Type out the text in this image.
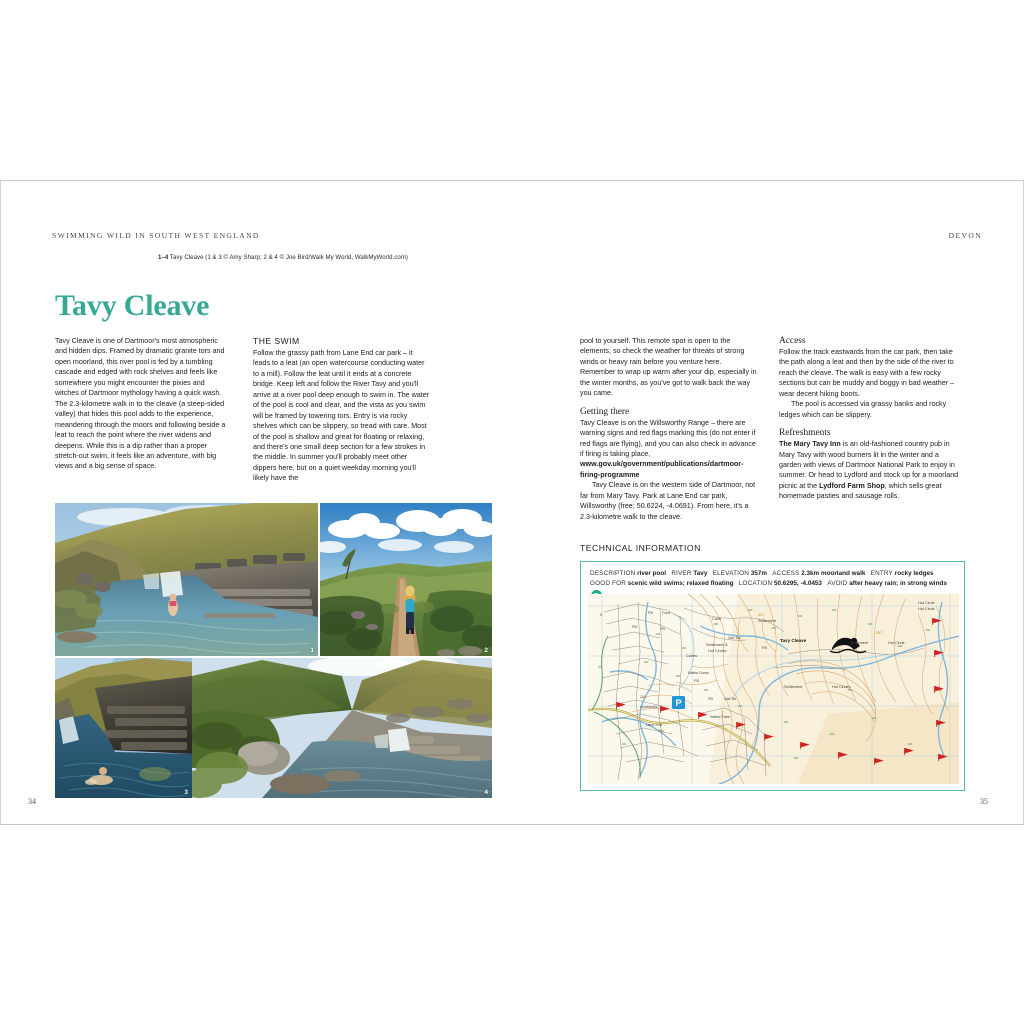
SWIMMING WILD IN SOUTH WEST ENGLAND
1–4 Tavy Cleave (1 & 3 © Amy Sharp; 2 & 4 © Joe Bird/Walk My World, WalkMyWorld.com)
Tavy Cleave

Tavy Cleave is one of Dartmoor's most atmospheric and hidden dips. Framed by dramatic granite tors and open moorland, this river pool is fed by a tumbling cascade and edged with rock shelves and feels like somewhere you might encounter the pixies and witches of Dartmoor mythology having a quick wash. The 2.3-kilometre walk in to the cleave (a steep-sided valley) that hides this pool adds to the experience, meandering through the moors and following beside a leat to reach the point where the river widens and deepens. While this is a dip rather than a proper stretch-out swim, it feels like an adventure, with big views and a big sense of space.

THE SWIM

Follow the grassy path from Lane End car park – it leads to a leat (an open watercourse conducting water to a mill). Follow the leat until it ends at a concrete bridge. Keep left and follow the River Tavy and you'll arrive at a river pool deep enough to swim in. The water of the pool is cool and clear, and the vista as you swim will be framed by towering tors. Entry is via rocky shelves which can be slippery, so tread with care. Most of the pool is shallow and great for floating or relaxing, and there's one small deep section for a few strokes in the middle. In summer you'll probably meet other dippers here, but on a quiet weekday morning you'll likely have the

1	2
3	4
34
DEVON
35

pool to yourself. This remote spot is open to the elements, so check the weather for threats of strong winds or heavy rain before you venture here. Remember to wrap up warm after your dip, especially in the winter months, as you've got to walk back the way you came.

Getting there

Tavy Cleave is on the Willsworthy Range – there are warning signs and red flags marking this (do not enter if red flags are flying), and you can also check in advance if firing is taking place, www.gov.uk/government/publications/dartmoor-firing-programme

Tavy Cleave is on the western side of Dartmoor, not far from Mary Tavy. Park at Lane End car park, Willsworthy (free; 50.6224, -4.0691). From here, it's a 2.3-kilometre walk to the cleave.

Access

Follow the track eastwards from the car park, then take the path along a leat and then by the side of the river to reach the cleave. The walk is easy with a few rocky sections but can be muddy and boggy in bad weather – wear decent hiking boots.

The pool is accessed via grassy banks and rocky ledges which can be slippery.

Refreshments

The Mary Tavy Inn is an old-fashioned country pub in Mary Tavy with wood burners lit in the winter and a garden with views of Dartmoor National Park to enjoy in summer. Or head to Lydford and stock up for a moorland picnic at the Lydford Farm Shop, which sells great homemade pasties and sausage rolls.

TECHNICAL INFORMATION
DESCRIPTION river pool RIVER Tavy ELEVATION 357m ACCESS 2.3km moorland walk ENTRY rocky ledges   GOOD FOR scenic wild swims; relaxed floating LOCATION 50.6295, -4.0453 AVOID after heavy rain; in strong winds
P
Tavy Cleave
Ger Tor
Cairn
Cairns
Settlement
Settlement
Settlement
Settlement &
Hut Circles
Hut Circles
Hut Circle
Hut Circle
Hut Circle
Nattor Down
Nat Tor
Nattor Farm
Lane End
Lovelands
Ford
FB
FB	FB
FB
FB
FB
254
386
B
10
367
447
